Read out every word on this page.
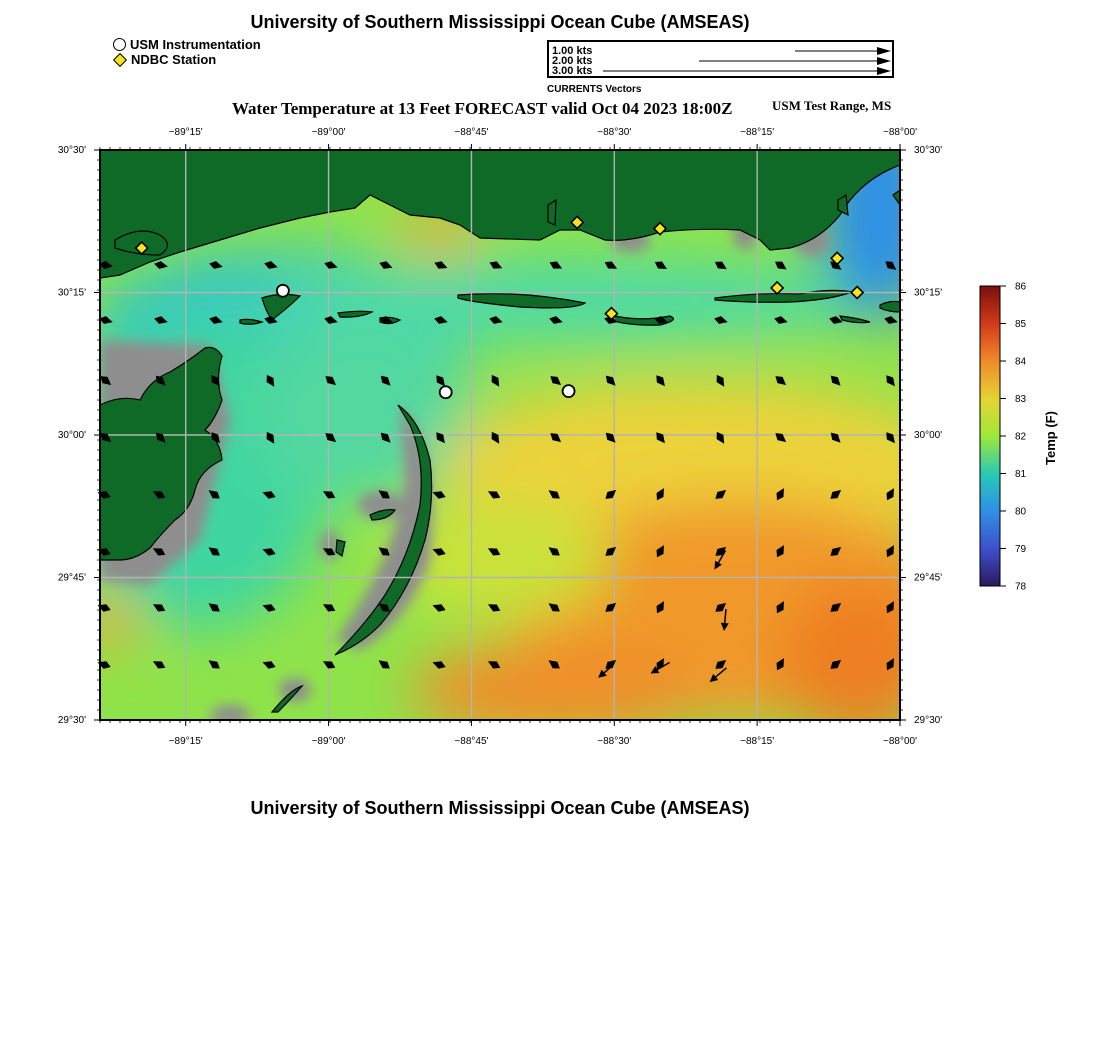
University of Southern Mississippi Ocean Cube (AMSEAS)
USM Instrumentation
NDBC Station
1.00 kts
2.00 kts
3.00 kts
CURRENTS Vectors
Water Temperature at 13 Feet FORECAST valid Oct 04 2023 18:00Z	USM Test Range, MS
−89°15'
−89°15'
−89°00'
−89°00'
−88°45'
−88°45'
−88°30'
−88°30'
−88°15'
−88°15'
−88°00'
−88°00'
29°30'	29°30'
29°45'	29°45'
30°00'	30°00'
30°15'	30°15'
30°30'	30°30'
78
79
80
81
82
83
84
85
86
Temp (F)
University of Southern Mississippi Ocean Cube (AMSEAS)
